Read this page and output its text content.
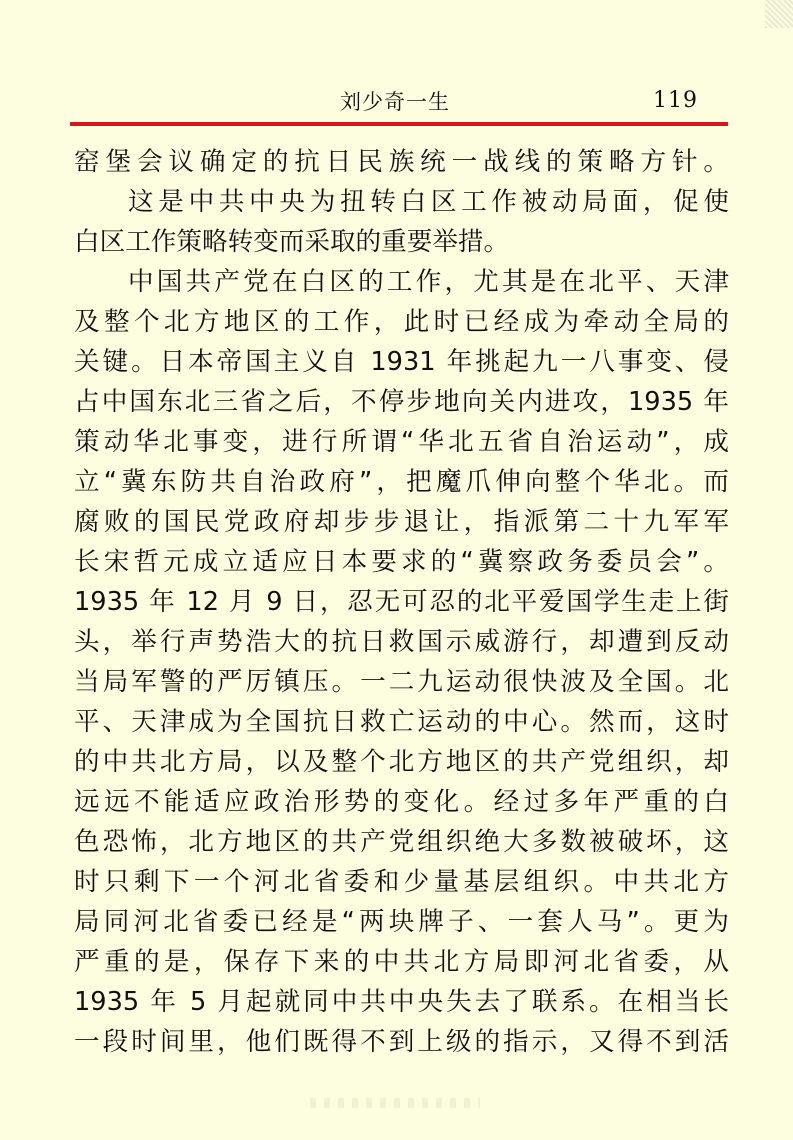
刘少奇一生	119
窑堡会议确定的抗日民族统一战线的策略方针。
这是中共中央为扭转白区工作被动局面，促使
白区工作策略转变而采取的重要举措。
中国共产党在白区的工作，尤其是在北平、天津
及整个北方地区的工作，此时已经成为牵动全局的
关键。日本帝国主义自 1931 年挑起九一八事变、侵
占中国东北三省之后，不停步地向关内进攻，1935 年
策动华北事变，进行所谓“华北五省自治运动”，成
立“冀东防共自治政府”，把魔爪伸向整个华北。而
腐败的国民党政府却步步退让，指派第二十九军军
长宋哲元成立适应日本要求的“冀察政务委员会”。
1935 年 12 月 9 日，忍无可忍的北平爱国学生走上街
头，举行声势浩大的抗日救国示威游行，却遭到反动
当局军警的严厉镇压。一二九运动很快波及全国。北
平、天津成为全国抗日救亡运动的中心。然而，这时
的中共北方局，以及整个北方地区的共产党组织，却
远远不能适应政治形势的变化。经过多年严重的白
色恐怖，北方地区的共产党组织绝大多数被破坏，这
时只剩下一个河北省委和少量基层组织。中共北方
局同河北省委已经是“两块牌子、一套人马”。更为
严重的是，保存下来的中共北方局即河北省委，从
1935 年 5 月起就同中共中央失去了联系。在相当长
一段时间里，他们既得不到上级的指示，又得不到活
